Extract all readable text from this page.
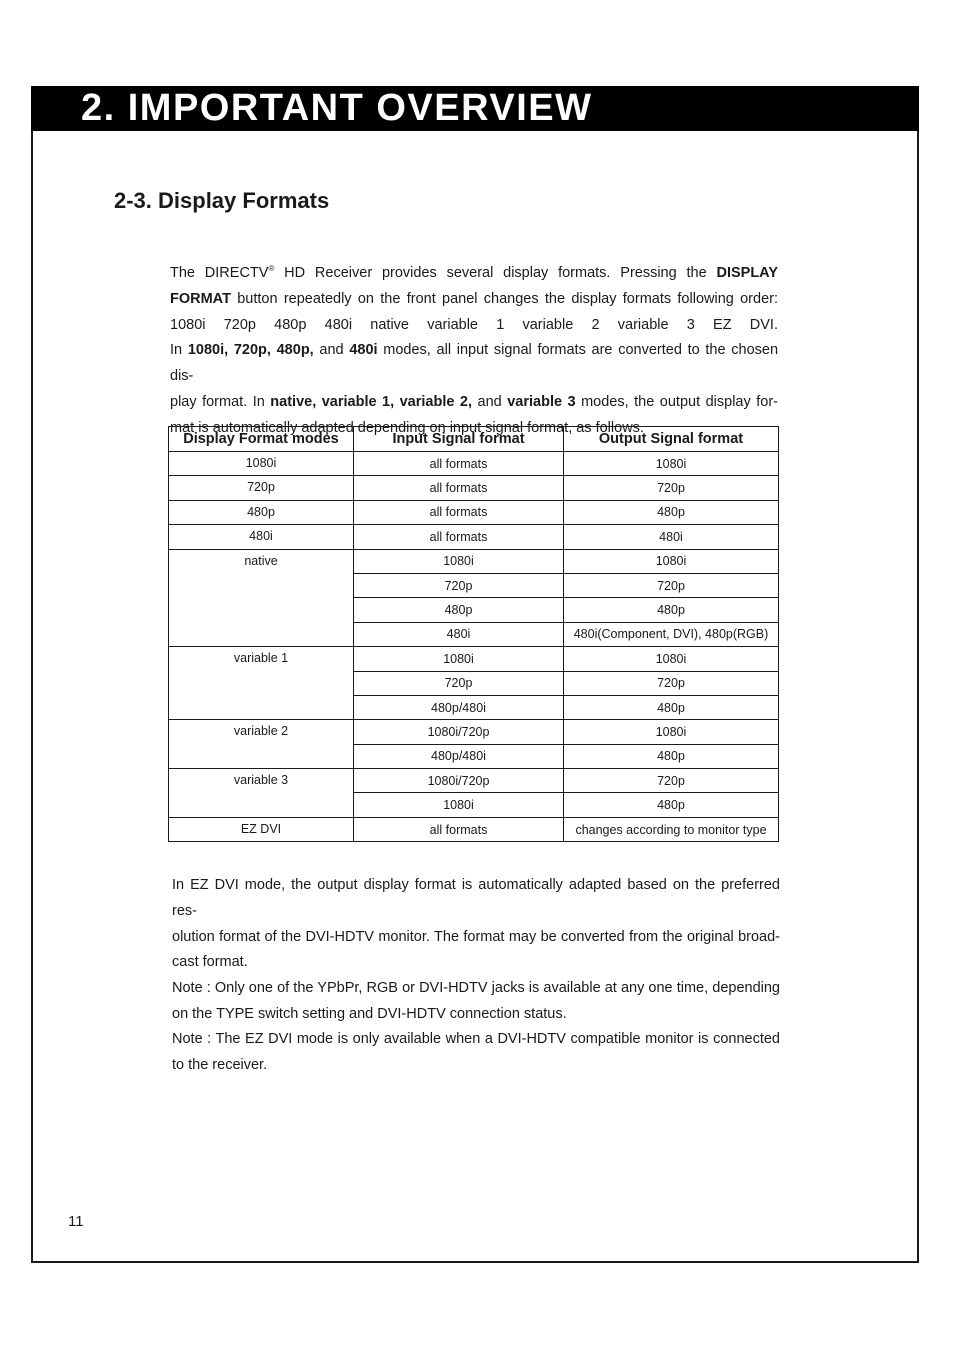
2. IMPORTANT OVERVIEW
2-3. Display Formats
The DIRECTV® HD Receiver provides several display formats. Pressing the DISPLAY
FORMAT button repeatedly on the front panel changes the display formats following order:
1080i 720p 480p 480i native variable 1 variable 2 variable 3 EZ DVI.
In 1080i, 720p, 480p, and 480i modes, all input signal formats are converted to the chosen dis-
play format. In native, variable 1, variable 2, and variable 3 modes, the output display for-
mat is automatically adapted depending on input signal format, as follows.
Display Format modes	Input Signal format	Output Signal format
1080i	all formats	1080i
720p	all formats	720p
480p	all formats	480p
480i	all formats	480i
native	1080i	1080i
	720p	720p
	480p	480p
	480i	480i(Component, DVI), 480p(RGB)
variable 1	1080i	1080i
	720p	720p
	480p/480i	480p
variable 2	1080i/720p	1080i
	480p/480i	480p
variable 3	1080i/720p	720p
	1080i	480p
EZ DVI	all formats	changes according to monitor type
In EZ DVI mode, the output display format is automatically adapted based on the preferred res-
olution format of the DVI-HDTV monitor. The format may be converted from the original broad-
cast format.
Note : Only one of the YPbPr, RGB or DVI-HDTV jacks is available at any one time, depending
on the TYPE switch setting and DVI-HDTV connection status.
Note : The EZ DVI mode is only available when a DVI-HDTV compatible monitor is connected
to the receiver.

11
